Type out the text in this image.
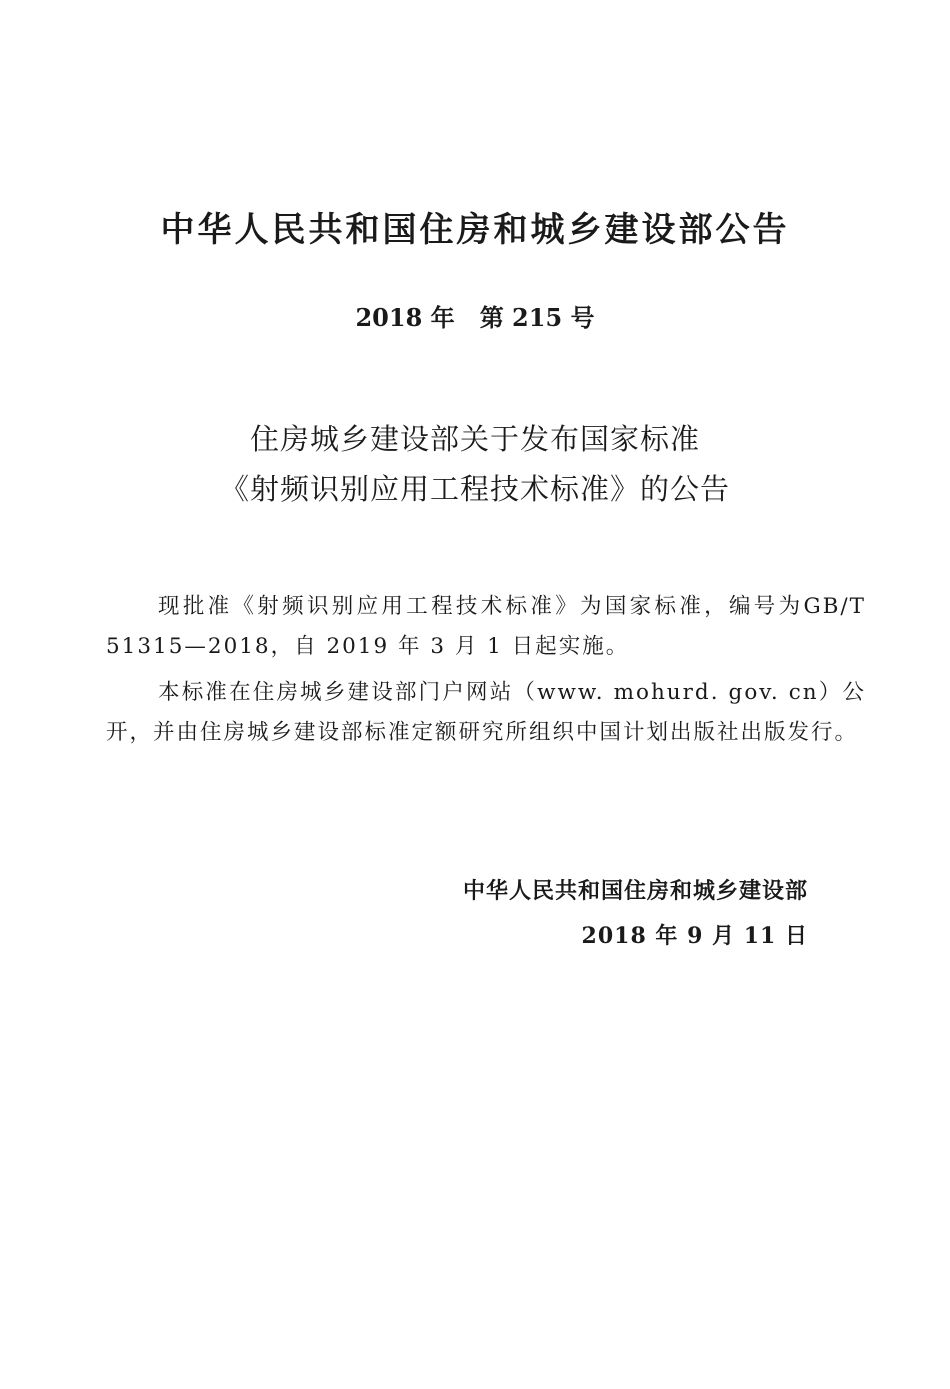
中华人民共和国住房和城乡建设部公告
2018 年   第 215 号
住房城乡建设部关于发布国家标准
《射频识别应用工程技术标准》的公告

现批准《射频识别应用工程技术标准》为国家标准，编号为GB/T 51315—2018，自 2019 年 3 月 1 日起实施。

本标准在住房城乡建设部门户网站（www. mohurd. gov. cn）公开，并由住房城乡建设部标准定额研究所组织中国计划出版社出版发行。

中华人民共和国住房和城乡建设部
2018 年 9 月 11 日
